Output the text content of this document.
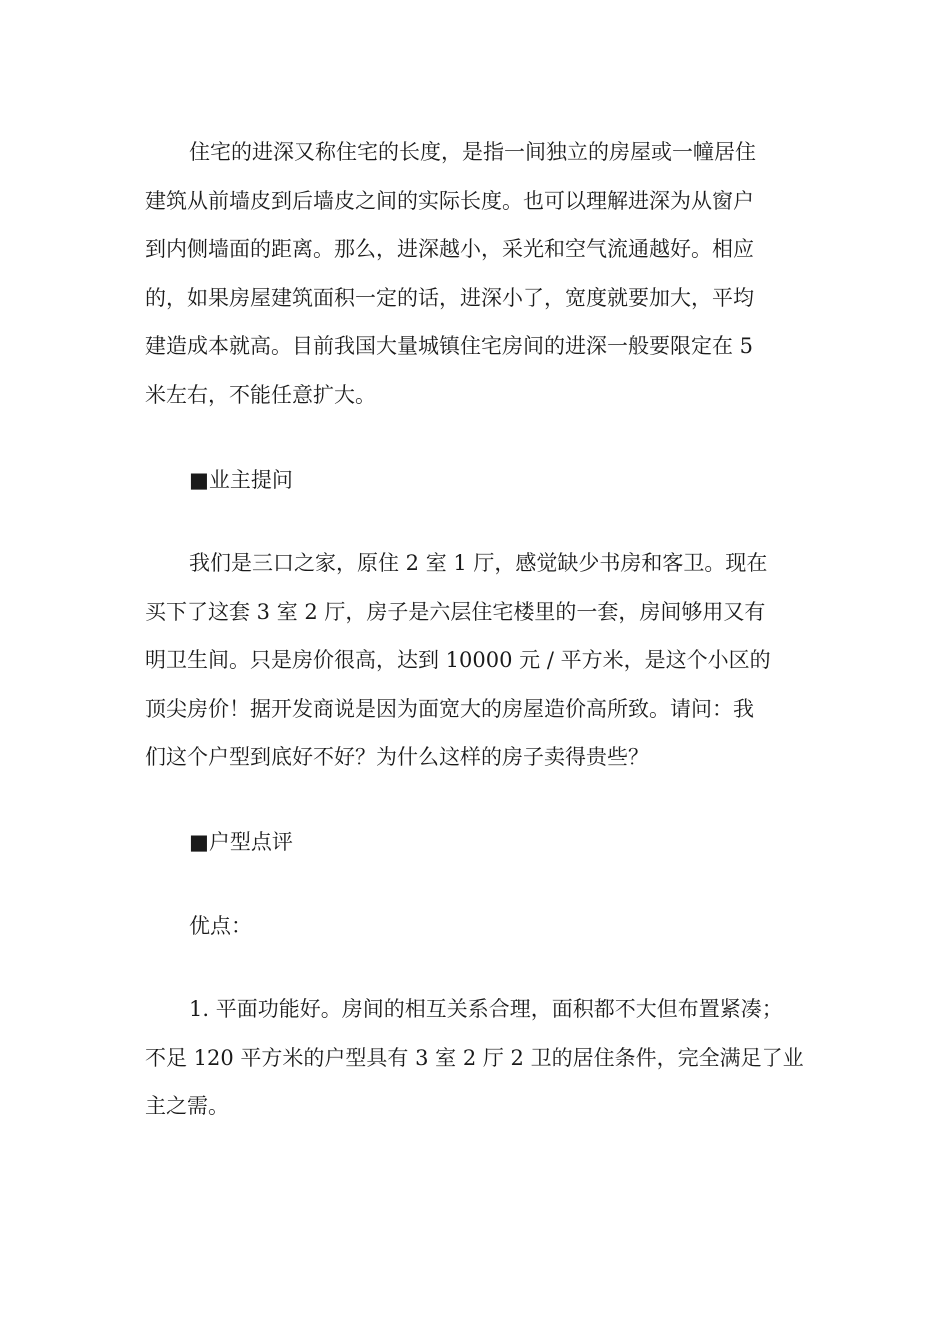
住宅的进深又称住宅的长度，是指一间独立的房屋或一幢居住
建筑从前墙皮到后墙皮之间的实际长度。也可以理解进深为从窗户
到内侧墙面的距离。那么，进深越小，采光和空气流通越好。相应
的，如果房屋建筑面积一定的话，进深小了，宽度就要加大，平均
建造成本就高。目前我国大量城镇住宅房间的进深一般要限定在 5
米左右，不能任意扩大。
■业主提问
我们是三口之家，原住 2 室 1 厅，感觉缺少书房和客卫。现在
买下了这套 3 室 2 厅，房子是六层住宅楼里的一套，房间够用又有
明卫生间。只是房价很高，达到 10000 元 / 平方米，是这个小区的
顶尖房价！据开发商说是因为面宽大的房屋造价高所致。请问：我
们这个户型到底好不好？为什么这样的房子卖得贵些？
■户型点评
优点：
1. 平面功能好。房间的相互关系合理，面积都不大但布置紧凑；
不足 120 平方米的户型具有 3 室 2 厅 2 卫的居住条件，完全满足了业
主之需。
